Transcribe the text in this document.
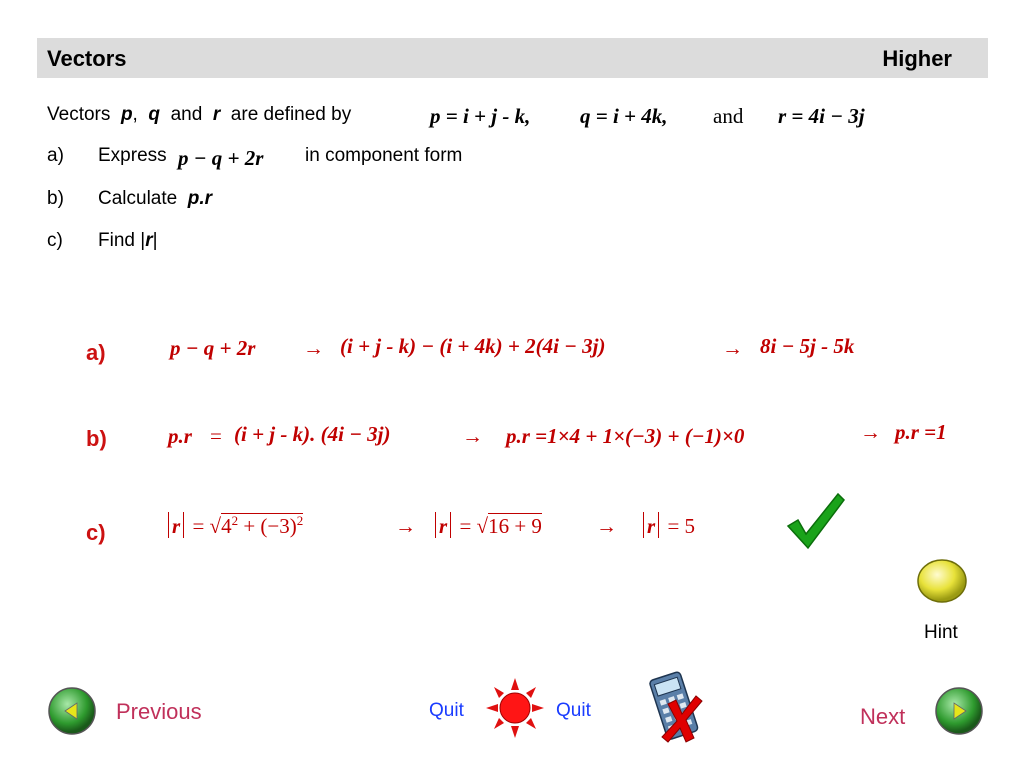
Vectors	Higher
Vectors p, q and r are defined by	p = i + j - k, q = i + 4k, and r = 4i − 3j
a) Express p − q + 2r in component form
b) Calculate p.r
c) Find |r|
a)	p − q + 2r → (i + j - k) − (i + 4k) + 2(4i − 3j)	→ 8i − 5j - 5k
b)	p.r = (i + j - k). (4i − 3j)	→ p.r =1×4 + 1×(−3) + (−1)×0	→ p.r =1
c)	$r = √4^2 + (-3)^2$	→	r = √16 + 9	→	r = 5
Hint
Previous	Quit	Quit	Next
